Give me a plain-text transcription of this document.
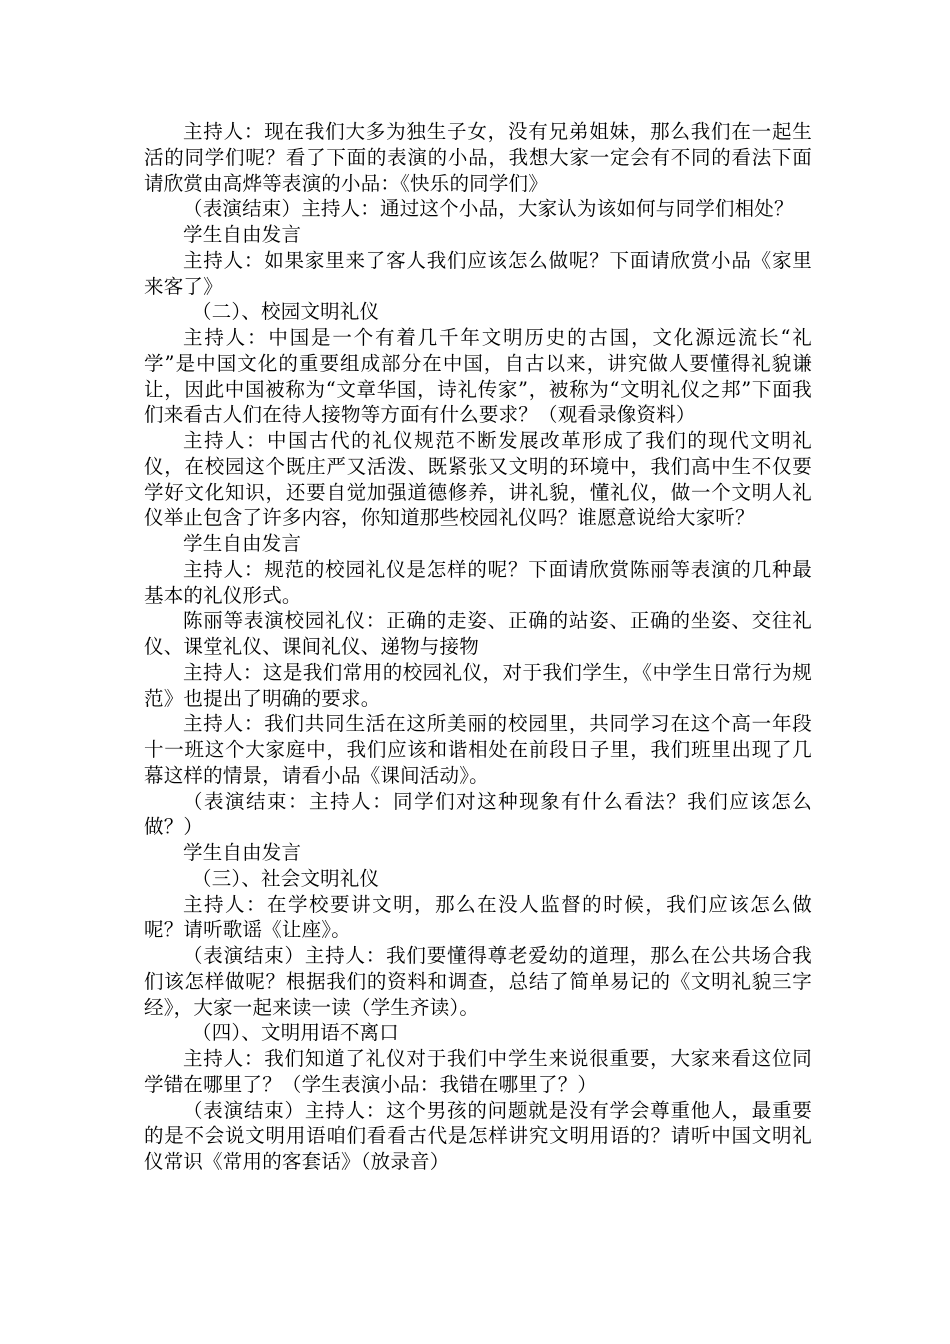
主持人：现在我们大多为独生子女，没有兄弟姐妹，那么我们在一起生活的同学们呢？看了下面的表演的小品，我想大家一定会有不同的看法下面请欣赏由高烨等表演的小品：《快乐的同学们》

（表演结束）主持人：通过这个小品，大家认为该如何与同学们相处？

学生自由发言

主持人：如果家里来了客人我们应该怎么做呢？下面请欣赏小品《家里来客了》

（二）、校园文明礼仪

主持人：中国是一个有着几千年文明历史的古国，文化源远流长“礼学”是中国文化的重要组成部分在中国，自古以来，讲究做人要懂得礼貌谦让，因此中国被称为“文章华国，诗礼传家”，被称为“文明礼仪之邦”下面我们来看古人们在待人接物等方面有什么要求？（观看录像资料）

主持人：中国古代的礼仪规范不断发展改革形成了我们的现代文明礼仪，在校园这个既庄严又活泼、既紧张又文明的环境中，我们高中生不仅要学好文化知识，还要自觉加强道德修养，讲礼貌，懂礼仪，做一个文明人礼仪举止包含了许多内容，你知道那些校园礼仪吗？谁愿意说给大家听？

学生自由发言

主持人：规范的校园礼仪是怎样的呢？下面请欣赏陈丽等表演的几种最基本的礼仪形式。

陈丽等表演校园礼仪：正确的走姿、正确的站姿、正确的坐姿、交往礼仪、课堂礼仪、课间礼仪、递物与接物

主持人：这是我们常用的校园礼仪，对于我们学生，《中学生日常行为规范》也提出了明确的要求。

主持人：我们共同生活在这所美丽的校园里，共同学习在这个高一年段十一班这个大家庭中，我们应该和谐相处在前段日子里，我们班里出现了几幕这样的情景，请看小品《课间活动》。

（表演结束：主持人：同学们对这种现象有什么看法？我们应该怎么做？）

学生自由发言

（三）、社会文明礼仪

主持人：在学校要讲文明，那么在没人监督的时候，我们应该怎么做呢？请听歌谣《让座》。

（表演结束）主持人：我们要懂得尊老爱幼的道理，那么在公共场合我们该怎样做呢？根据我们的资料和调查，总结了简单易记的《文明礼貌三字经》，大家一起来读一读（学生齐读）。

（四）、文明用语不离口

主持人：我们知道了礼仪对于我们中学生来说很重要，大家来看这位同学错在哪里了？（学生表演小品：我错在哪里了？）

（表演结束）主持人：这个男孩的问题就是没有学会尊重他人，最重要的是不会说文明用语咱们看看古代是怎样讲究文明用语的？请听中国文明礼仪常识《常用的客套话》（放录音）
